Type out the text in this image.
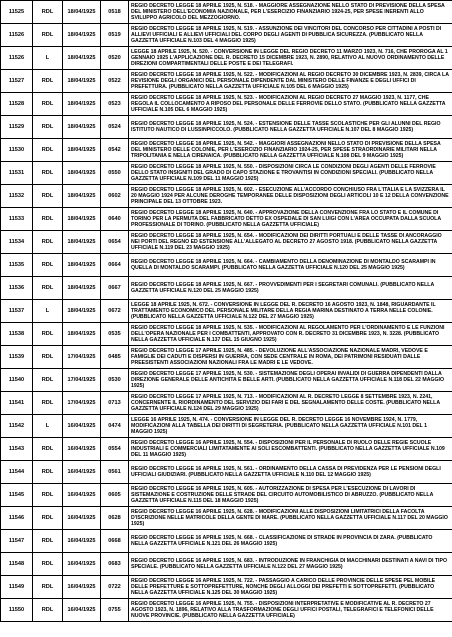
11525	RDL	18/04/1925	0518	REGIO DECRETO LEGGE 18 APRILE 1925, N. 518. - MAGGIORE ASSEGNAZIONE NELLO STATO DI PREVISIONE DELLA SPESA DEL MINISTERO DELL'ECONOMIA NAZIONALE, PER L'ESERCIZIO FINANZIARIO 1924-25, PER SPESE INERENTI ALLO SVILUPPO AGRICOLO DEL MEZZOGIORNO.

11526	RDL	18/04/1925	0519	REGIO DECRETO LEGGE 18 APRILE 1925, N. 519. - ASSUNZIONE DEI VINCITORI DEL CONCORSO PER CITTADINI A POSTI DI ALLIEVI UFFICIALI E ALLIEVI UFFICIALI DEL CORPO DEGLI AGENTI DI PUBBLICA SICUREZZA. (PUBBLICATO NELLA GAZZETTA UFFICIALE N.103 DEL 4 MAGGIO 1925)

11526	L	18/04/1925	0520	LEGGE 18 APRILE 1925, N. 520. - CONVERSIONE IN LEGGE DEL REGIO DECRETO 11 MARZO 1923, N. 716, CHE PROROGA AL 1 GENNAIO 1925 L'APPLICAZIONE DEL R. DECRETO 15 DICEMBRE 1923, N. 2890, RELATIVO AL NUOVO ORDINAMENTO DELLE DIREZIONI COMPARTIMENTALI DELLE POSTE E DEI TELEGRAFI.

11527	RDL	18/04/1925	0522	REGIO DECRETO LEGGE 18 APRILE 1925, N. 522. - MODIFICAZIONI AL REGIO DECRETO 30 DICEMBRE 1923, N. 2839, CIRCA LA REVISIONE DEGLI ORGANICI DEL PERSONALE DIPENDENTE DAL MINISTERO DELLE FINANZE E DEGLI UFFICI DI PREFETTURA. (PUBBLICATO NELLA GAZZETTA UFFICIALE N.105 DEL 6 MAGGIO 1925)

11528	RDL	18/04/1925	0523	REGIO DECRETO LEGGE 18 APRILE 1925, N. 523. - MODIFICAZIONI AL REGIO DECRETO 27 MAGGIO 1923, N. 1177, CHE REGOLA IL COLLOCAMENTO A RIPOSO DEL PERSONALE DELLE FERROVIE DELLO STATO. (PUBBLICATO NELLA GAZZETTA UFFICIALE N.105 DEL 6 MAGGIO 1925)

11529	RDL	18/04/1925	0524	REGIO DECRETO LEGGE 18 APRILE 1925, N. 524. - ESTENSIONE DELLE TASSE SCOLASTICHE PER GLI ALUNNI DEL REGIO ISTITUTO NAUTICO DI LUSSINPICCOLO. (PUBBLICATO NELLA GAZZETTA UFFICIALE N.107 DEL 8 MAGGIO 1925)

11530	RDL	18/04/1925	0542	REGIO DECRETO LEGGE 18 APRILE 1925, N. 542. - MAGGIORI ASSEGNAZIONI NELLO STATO DI PREVISIONE DELLA SPESA DEL MINISTERO DELLE COLONIE, PER L'ESERCIZIO FINANZIARIO 1924-25, PER SPESE STRAORDINARIE MILITARI NELLA TRIPOLITANIA E NELLA CIRENAICA. (PUBBLICATO NELLA GAZZETTA UFFICIALE N.108 DEL 9 MAGGIO 1925)

11531	RDL	18/04/1925	0550	REGIO DECRETO LEGGE 18 APRILE 1925, N. 550. - DISPOSIZIONI CIRCA LE CONDIZIONI DEGLI AGENTI DELLE FERROVIE DELLO STATO INSIGNITI DEL GRADO DI CAPO STAZIONE E TROVANTISI IN CONDIZIONI SPECIALI. (PUBBLICATO NELLA GAZZETTA UFFICIALE N.109 DEL 11 MAGGIO 1925)

11532	RDL	18/04/1925	0602	REGIO DECRETO LEGGE 18 APRILE 1925, N. 602. - ESECUZIONE ALL'ACCORDO CONCHIUSO FRA L'ITALIA E LA SVIZZERA IL 20 MAGGIO 1924 PER ALCUNE DEROGHE TEMPORANEE DELLE DISPOSIZIONI DEGLI ARTICOLI 10 E 12 DELLA CONVENZIONE PRINCIPALE DEL 13 OTTOBRE 1923.

11533	RDL	18/04/1925	0640	REGIO DECRETO LEGGE 18 APRILE 1925, N. 640. - APPROVAZIONE DELLA CONVENZIONE FRA LO STATO E IL COMUNE DI TORINO PER LA PERMUTA DEL FABBRICATO DETTO EX OSPEDALE DI SAN LUIGI CON L'AREA OCCUPATA DALLA SCUOLA PROFESSIONALE DI TORINO. (PUBBLICATO NELLA GAZZETTA UFFICIALE)

11534	RDL	18/04/1925	0654	REGIO DECRETO LEGGE 18 APRILE 1925, N. 654. - MODIFICAZIONI DEI DIRITTI PORTUALI E DELLE TASSE DI ANCORAGGIO NEI PORTI DEL REGNO ED ESTENSIONE ALL'ALLEGATO AL DECRETO 27 AGOSTO 1918. (PUBBLICATO NELLA GAZZETTA UFFICIALE N.119 DEL 23 MAGGIO 1925)

11535	RDL	18/04/1925	0664	REGIO DECRETO LEGGE 18 APRILE 1925, N. 664. - CAMBIAMENTO DELLA DENOMINAZIONE DI MONTALDO SCARAMPI IN QUELLA DI MONTALDO SCARAMPI. (PUBBLICATO NELLA GAZZETTA UFFICIALE N.120 DEL 25 MAGGIO 1925)

11536	RDL	18/04/1925	0667	REGIO DECRETO LEGGE 18 APRILE 1925, N. 667. - PROVVEDIMENTI PER I SEGRETARI COMUNALI. (PUBBLICATO NELLA GAZZETTA UFFICIALE N.120 DEL 25 MAGGIO 1925)

11537	L	18/04/1925	0672	LEGGE 18 APRILE 1925, N. 672. - CONVERSIONE IN LEGGE DEL R. DECRETO 16 AGOSTO 1923, N. 1848, RIGUARDANTE IL TRATTAMENTO ECONOMICO DEL PERSONALE MILITARE DELLA REGIA MARINA DESTINATO A TERRA NELLE COLONIE. (PUBBLICATO NELLA GAZZETTA UFFICIALE N.122 DEL 27 MAGGIO 1925)

11538	RDL	18/04/1925	0535	REGIO DECRETO LEGGE 18 APRILE 1925, N. 535. - MODIFICAZIONI AL REGOLAMENTO PER L'ORDINAMENTO E LE FUNZIONI DELL'OPERA NAZIONALE PER I COMBATTENTI, APPROVATO CON R. DECRETO 31 DICEMBRE 1923, N. 3228. (PUBBLICATO NELLA GAZZETTA UFFICIALE N.137 DEL 15 GIUGNO 1925)

11539	RDL	17/04/1925	0485	REGIO DECRETO LEGGE 17 APRILE 1925, N. 485. - DEVOLUZIONE ALL'ASSOCIAZIONE NAZIONALE MADRI, VEDOVE E FAMIGLIE DEI CADUTI E DISPERSI IN GUERRA, CON SEDE CENTRALE IN ROMA, DEI PATRIMONI RESIDUATI DALLE PREESISTENTI ASSOCIAZIONI NAZIONALI FRA LE MADRI E LE VEDOVE.

11540	RDL	17/04/1925	0530	REGIO DECRETO LEGGE 17 APRILE 1925, N. 530. - SISTEMAZIONE DEGLI OPERAI INVALIDI DI GUERRA DIPENDENTI DALLA DIREZIONE GENERALE DELLE ANTICHITA E BELLE ARTI. (PUBBLICATO NELLA GAZZETTA UFFICIALE N.118 DEL 22 MAGGIO 1925)

11541	RDL	17/04/1925	0713	REGIO DECRETO LEGGE 17 APRILE 1925, N. 713. - MODIFICAZIONI AL R. DECRETO LEGGE 8 SETTEMBRE 1923, N. 2241, CONCERNENTE IL RIORDINAMENTO DEL SERVIZIO DEI FARI E DEL SEGNALAMENTO DELLE COSTE. (PUBBLICATO NELLA GAZZETTA UFFICIALE N.124 DEL 29 MAGGIO 1925)

11542	L	16/04/1925	0474	LEGGE 16 APRILE 1925, N. 474. - CONVERSIONE IN LEGGE DEL R. DECRETO LEGGE 16 NOVEMBRE 1924, N. 1779, MODIFICAZIONI ALLA TABELLA DEI DIRITTI DI SEGRETERIA. (PUBBLICATO NELLA GAZZETTA UFFICIALE N.101 DEL 1 MAGGIO 1925)

11543	RDL	16/04/1925	0554	REGIO DECRETO LEGGE 16 APRILE 1925, N. 554. - DISPOSIZIONI PER IL PERSONALE DI RUOLO DELLE REGIE SCUOLE INDUSTRIALI E COMMERCIALI LIMITATAMENTE AI SOLI ESCOMBATTENTI. (PUBBLICATO NELLA GAZZETTA UFFICIALE N.109 DEL 11 MAGGIO 1925)

11544	RDL	16/04/1925	0561	REGIO DECRETO LEGGE 16 APRILE 1925, N. 561. - ORDINAMENTO DELLA CASSA DI PREVIDENZA PER LE PENSIONI DEGLI UFFICIALI GIUDIZIARI. (PUBBLICATO NELLA GAZZETTA UFFICIALE N.110 DEL 12 MAGGIO 1925)

11545	RDL	16/04/1925	0605	REGIO DECRETO LEGGE 16 APRILE 1925, N. 605. - AUTORIZZAZIONE DI SPESA PER L'ESECUZIONE DI LAVORI DI SISTEMAZIONE E COSTRUZIONE DELLE STRADE DEL CIRCUITO AUTOMOBILISTICO DI ABRUZZO. (PUBBLICATO NELLA GAZZETTA UFFICIALE N.115 DEL 18 MAGGIO 1925)

11546	RDL	16/04/1925	0628	REGIO DECRETO LEGGE 16 APRILE 1925, N. 628. - MODIFICAZIONI ALLE DISPOSIZIONI LIMITATRICI DELLA FACOLTA D'ISCRIZIONE NELLE MATRICOLE DELLA GENTE DI MARE. (PUBBLICATO NELLA GAZZETTA UFFICIALE N.117 DEL 20 MAGGIO 1925)

11547	RDL	16/04/1925	0668	REGIO DECRETO LEGGE 16 APRILE 1925, N. 668. - CLASSIFICAZIONE DI STRADE IN PROVINCIA DI ZARA. (PUBBLICATO NELLA GAZZETTA UFFICIALE N.121 DEL 26 MAGGIO 1925)

11548	RDL	16/04/1925	0683	REGIO DECRETO LEGGE 16 APRILE 1925, N. 683. - INTRODUZIONE IN FRANCHIGIA DI MACCHINARI DESTINATI A NAVI DI TIPO SPECIALE. (PUBBLICATO NELLA GAZZETTA UFFICIALE N.122 DEL 27 MAGGIO 1925)

11549	RDL	16/04/1925	0722	REGIO DECRETO LEGGE 16 APRILE 1925, N. 722. - PASSAGGIO A CARICO DELLE PROVINCIE DELLE SPESE PEL MOBILE DELLE PREFETTURE E SOTTOPREFETTURE, NONCHE DEGLI ALLOGGI DEI PREFETTI E SOTTOPREFETTI. (PUBBLICATO NELLA GAZZETTA UFFICIALE N.125 DEL 30 MAGGIO 1925)

11550	RDL	16/04/1925	0755	REGIO DECRETO LEGGE 16 APRILE 1925, N. 755. - DISPOSIZIONI INTERPRETATIVE E MODIFICATIVE AL R. DECRETO 27 AGOSTO 1923, N. 1896, RELATIVO ALLA TRASFORMAZIONE DEGLI UFFICI POSTALI, TELEGRAFICI E TELEFONICI DELLE NUOVE PROVINCIE. (PUBBLICATO NELLA GAZZETTA UFFICIALE)
